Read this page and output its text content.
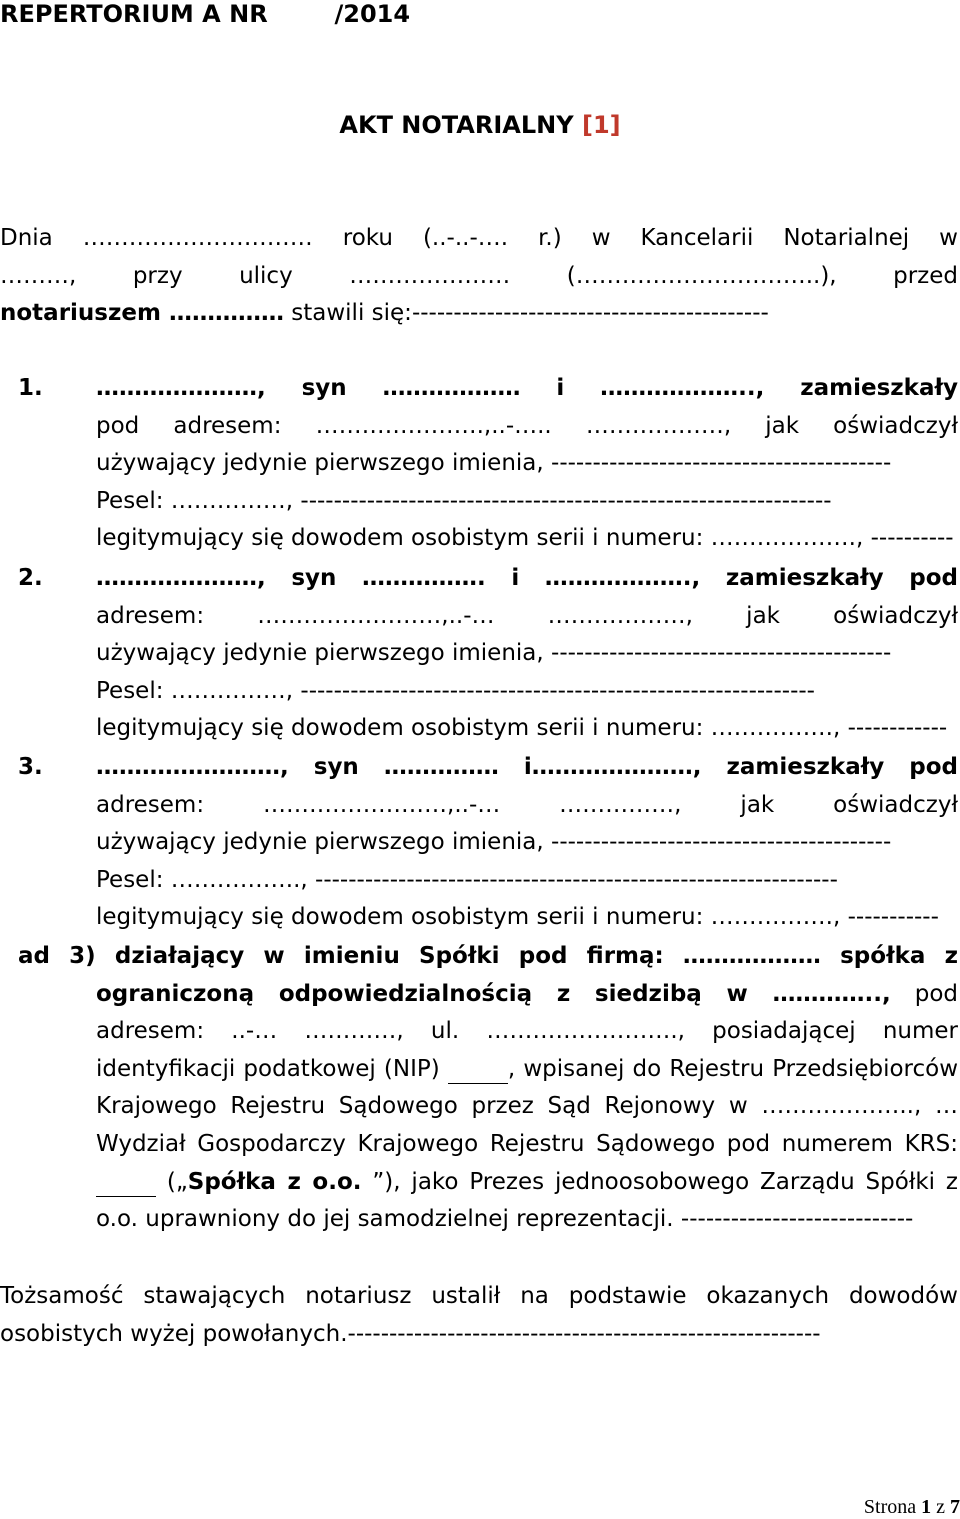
REPERTORIUM A NR        /2014
AKT NOTARIALNY [1]
Dnia ………………………… roku (..-..-…. r.) w Kancelarii Notarialnej w
………, przy ulicy ………………… (…………………………..), przed
notariuszem …………… stawili się:-------------------------------------------
1.	…………………, syn ……………… i ……………….., zamieszkały
pod adresem: ………………….,..-….. ………………, jak oświadczył
używający jedynie pierwszego imienia, -----------------------------------------
Pesel: ……………, ----------------------------------------------------------------
legitymujący się dowodem osobistym serii i numeru: ………………., ----------
2.	…………………, syn ……………. i ………………., zamieszkały pod
adresem: ……………………,..-… ………………, jak oświadczył
używający jedynie pierwszego imienia, -----------------------------------------
Pesel: ……………, --------------------------------------------------------------
legitymujący się dowodem osobistym serii i numeru: ……………., ------------
3.	……………………, syn …………… i…………………, zamieszkały pod
adresem: ……………………,..-… ……………, jak oświadczył
używający jedynie pierwszego imienia, -----------------------------------------
Pesel: …………….., ---------------------------------------------------------------
legitymujący się dowodem osobistym serii i numeru: ……………., -----------
ad 3) działający w imieniu Spółki pod firmą: ……………… spółka z
ograniczoną odpowiedzialnością z siedzibą w ………….., pod
adresem: ..-… …………, ul. ……………………., posiadającej numer
identyfikacji podatkowej (NIP)	, wpisanej do Rejestru Przedsiębiorców
Krajowego Rejestru Sądowego przez Sąd Rejonowy w ……………….., …
Wydział Gospodarczy Krajowego Rejestru Sądowego pod numerem KRS:
(„Spółka z o.o. ”), jako Prezes jednoosobowego Zarządu Spółki z
o.o. uprawniony do jej samodzielnej reprezentacji. ----------------------------
Tożsamość stawających notariusz ustalił na podstawie okazanych dowodów
osobistych wyżej powołanych.---------------------------------------------------------
Strona 1 z 7
